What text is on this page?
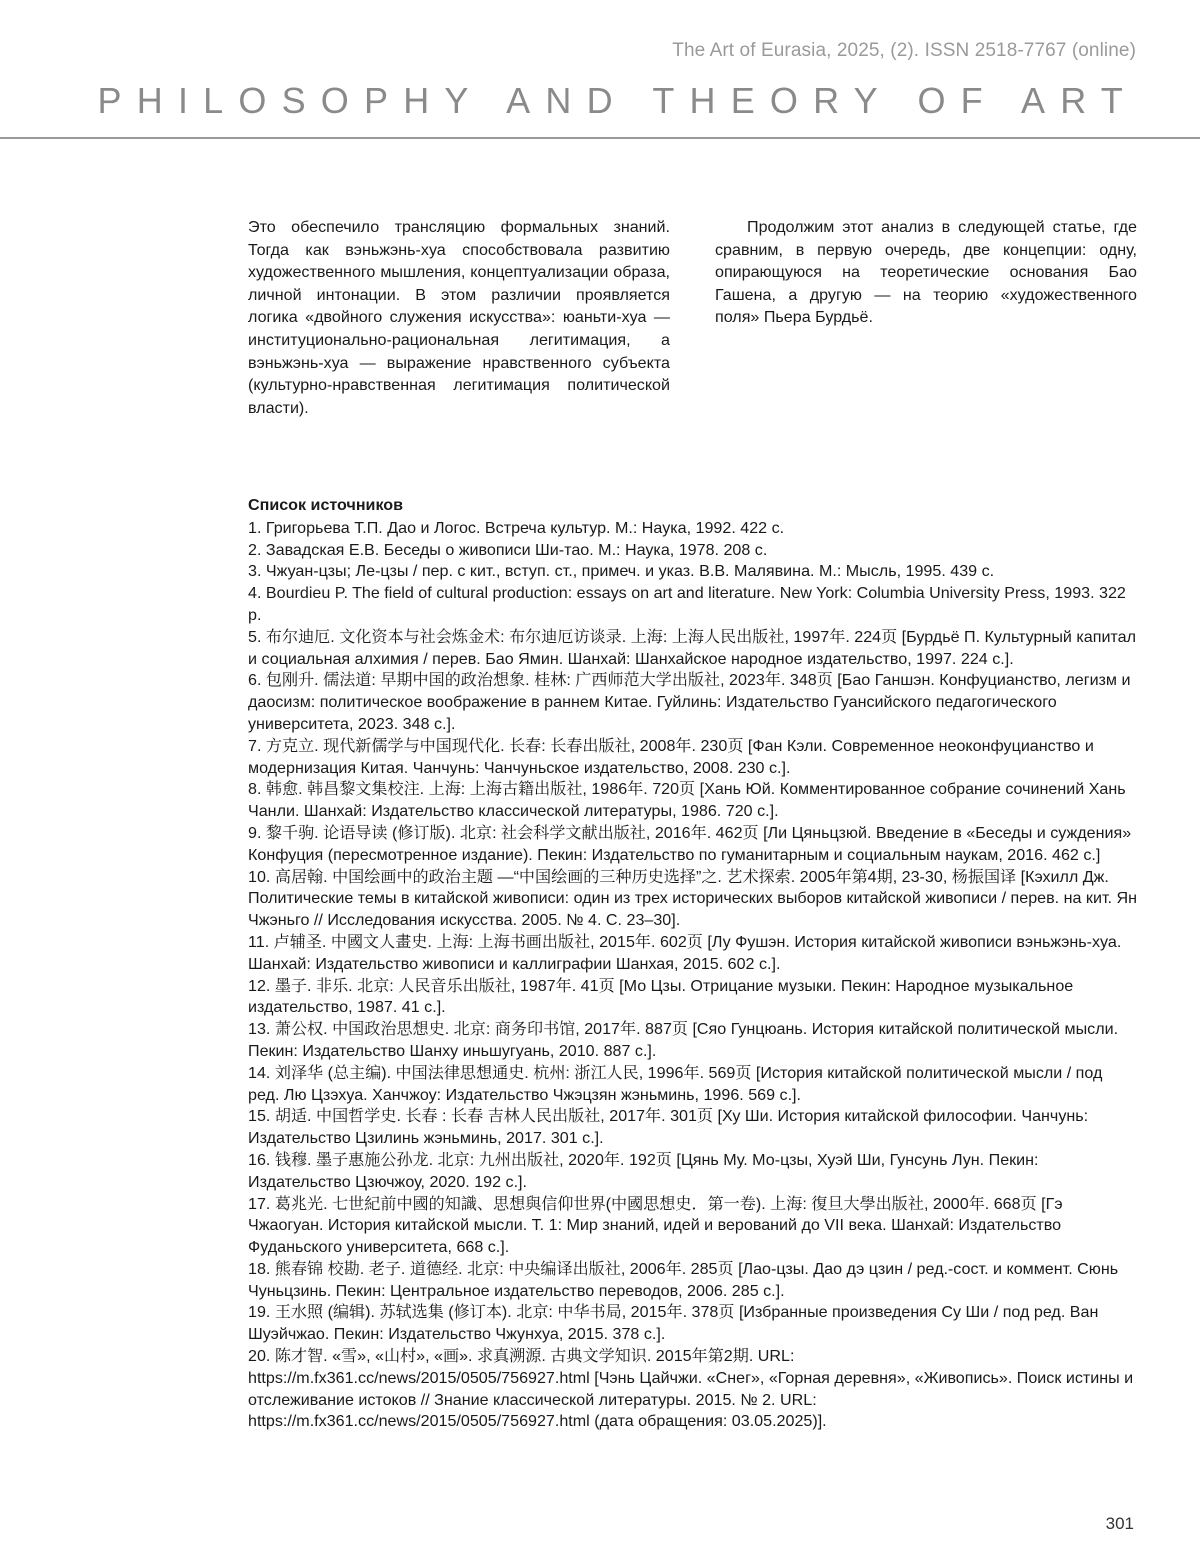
The Art of Eurasia, 2025, (2). ISSN 2518-7767 (online)
PHILOSOPHY AND THEORY OF ART

Это обеспечило трансляцию формальных знаний. Тогда как вэньжэнь-хуа способствовала развитию художественного мышления, концептуализации образа, личной интонации. В этом различии проявляется логика «двойного служения искусства»: юаньти-хуа — институционально-рациональная легитимация, а вэньжэнь-хуа — выражение нравственного субъекта (культурно-нравственная легитимация политической власти).

Продолжим этот анализ в следующей статье, где сравним, в первую очередь, две концепции: одну, опирающуюся на теоретические основания Бао Гашена, а другую — на теорию «художественного поля» Пьера Бурдьё.

Список источников

1. Григорьева Т.П. Дао и Логос. Встреча культур. М.: Наука, 1992. 422 с.

2. Завадская Е.В. Беседы о живописи Ши-тао. М.: Наука, 1978. 208 с.

3. Чжуан-цзы; Ле-цзы / пер. с кит., вступ. ст., примеч. и указ. В.В. Малявина. М.: Мысль, 1995. 439 с.

4. Bourdieu P. The field of cultural production: essays on art and literature. New York: Columbia University Press, 1993. 322 p.

5. 布尔迪厄. 文化资本与社会炼金术: 布尔迪厄访谈录. 上海: 上海人民出版社, 1997年. 224页 [Бурдьё П. Культурный капитал и социальная алхимия / перев. Бао Ямин. Шанхай: Шанхайское народное издательство, 1997. 224 с.].

6. 包刚升. 儒法道: 早期中国的政治想象. 桂林: 广西师范大学出版社, 2023年. 348页 [Бао Ганшэн. Конфуцианство, легизм и даосизм: политическое воображение в раннем Китае. Гуйлинь: Издательство Гуансийского педагогического университета, 2023. 348 с.].

7. 方克立. 现代新儒学与中国现代化. 长春: 长春出版社, 2008年. 230页 [Фан Кэли. Современное неоконфуцианство и модернизация Китая. Чанчунь: Чанчуньское издательство, 2008. 230 с.].

8. 韩愈. 韩昌黎文集校注. 上海: 上海古籍出版社, 1986年. 720页 [Хань Юй. Комментированное собрание сочинений Хань Чанли. Шанхай: Издательство классической литературы, 1986. 720 с.].

9. 黎千驹. 论语导读 (修订版). 北京: 社会科学文献出版社, 2016年. 462页 [Ли Цяньцзюй. Введение в «Беседы и суждения» Конфуция (пересмотренное издание). Пекин: Издательство по гуманитарным и социальным наукам, 2016. 462 с.]

10. 高居翰. 中国绘画中的政治主题 —“中国绘画的三种历史选择”之. 艺术探索. 2005年第4期, 23-30, 杨振国译 [Кэхилл Дж. Политические темы в китайской живописи: один из трех исторических выборов китайской живописи / перев. на кит. Ян Чжэньго // Исследования искусства. 2005. № 4. С. 23–30].

11. 卢辅圣. 中國文人畫史. 上海: 上海书画出版社, 2015年. 602页 [Лу Фушэн. История китайской живописи вэньжэнь-хуа. Шанхай: Издательство живописи и каллиграфии Шанхая, 2015. 602 с.].

12. 墨子. 非乐. 北京: 人民音乐出版社, 1987年. 41页 [Мо Цзы. Отрицание музыки. Пекин: Народное музыкальное издательство, 1987. 41 с.].

13. 萧公权. 中国政治思想史. 北京: 商务印书馆, 2017年. 887页 [Сяо Гунцюань. История китайской политической мысли. Пекин: Издательство Шанху иньшугуань, 2010. 887 с.].

14. 刘泽华 (总主编). 中国法律思想通史. 杭州: 浙江人民, 1996年. 569页 [История китайской политической мысли / под ред. Лю Цзэхуа. Ханчжоу: Издательство Чжэцзян жэньминь, 1996. 569 с.].

15. 胡适. 中国哲学史. 长春 : 长春 吉林人民出版社, 2017年. 301页 [Ху Ши. История китайской философии. Чанчунь: Издательство Цзилинь жэньминь, 2017. 301 с.].

16. 钱穆. 墨子惠施公孙龙. 北京: 九州出版社, 2020年. 192页 [Цянь Му. Мо-цзы, Хуэй Ши, Гунсунь Лун. Пекин: Издательство Цзючжоу, 2020. 192 с.].

17. 葛兆光. 七世紀前中國的知識、思想與信仰世界(中國思想史．第一卷). 上海: 復旦大學出版社, 2000年. 668页 [Гэ Чжаогуан. История китайской мысли. Т. 1: Мир знаний, идей и верований до VII века. Шанхай: Издательство Фуданьского университета, 668 с.].

18. 熊春锦 校勘. 老子. 道德经. 北京: 中央编译出版社, 2006年. 285页 [Лао-цзы. Дао дэ цзин / ред.-сост. и коммент. Сюнь Чуньцзинь. Пекин: Центральное издательство переводов, 2006. 285 с.].

19. 王水照 (编辑). 苏轼选集 (修订本). 北京: 中华书局, 2015年. 378页 [Избранные произведения Су Ши / под ред. Ван Шуэйчжао. Пекин: Издательство Чжунхуа, 2015. 378 с.].

20. 陈才智. «雪», «山村», «画». 求真溯源. 古典文学知识. 2015年第2期. URL: https://m.fx361.cc/news/2015/0505/756927.html [Чэнь Цайчжи. «Снег», «Горная деревня», «Живопись». Поиск истины и отслеживание истоков // Знание классической литературы. 2015. № 2. URL: https://m.fx361.cc/news/2015/0505/756927.html (дата обращения: 03.05.2025)].

301
